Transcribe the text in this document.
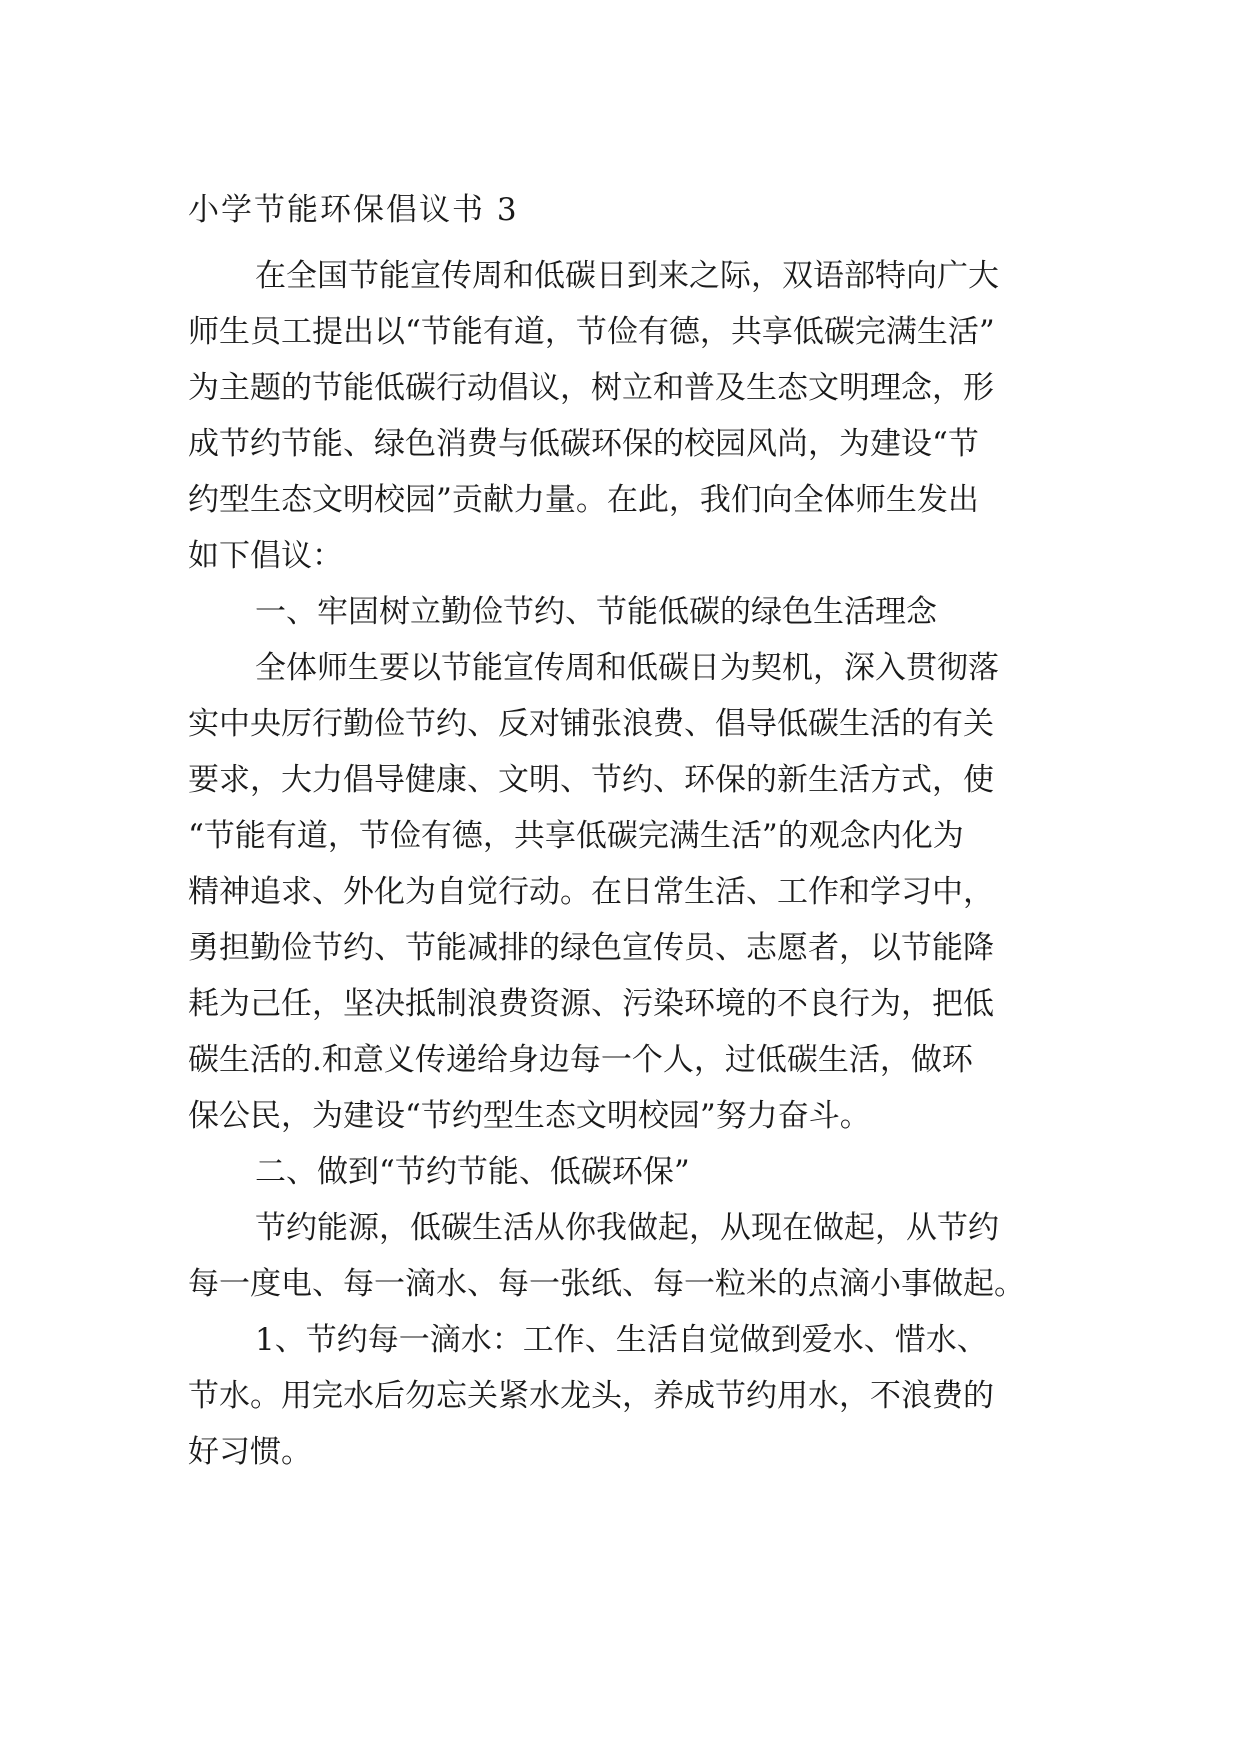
小学节能环保倡议书 3

在全国节能宣传周和低碳日到来之际，双语部特向广大

师生员工提出以“节能有道，节俭有德，共享低碳完满生活”

为主题的节能低碳行动倡议，树立和普及生态文明理念，形

成节约节能、绿色消费与低碳环保的校园风尚，为建设“节

约型生态文明校园”贡献力量。在此，我们向全体师生发出

如下倡议：

一、牢固树立勤俭节约、节能低碳的绿色生活理念

全体师生要以节能宣传周和低碳日为契机，深入贯彻落

实中央厉行勤俭节约、反对铺张浪费、倡导低碳生活的有关

要求，大力倡导健康、文明、节约、环保的新生活方式，使

“节能有道，节俭有德，共享低碳完满生活”的观念内化为

精神追求、外化为自觉行动。在日常生活、工作和学习中，

勇担勤俭节约、节能减排的绿色宣传员、志愿者，以节能降

耗为己任，坚决抵制浪费资源、污染环境的不良行为，把低

碳生活的.和意义传递给身边每一个人，过低碳生活，做环

保公民，为建设“节约型生态文明校园”努力奋斗。

二、做到“节约节能、低碳环保”

节约能源，低碳生活从你我做起，从现在做起，从节约

每一度电、每一滴水、每一张纸、每一粒米的点滴小事做起。

1、节约每一滴水：工作、生活自觉做到爱水、惜水、

节水。用完水后勿忘关紧水龙头，养成节约用水，不浪费的

好习惯。
